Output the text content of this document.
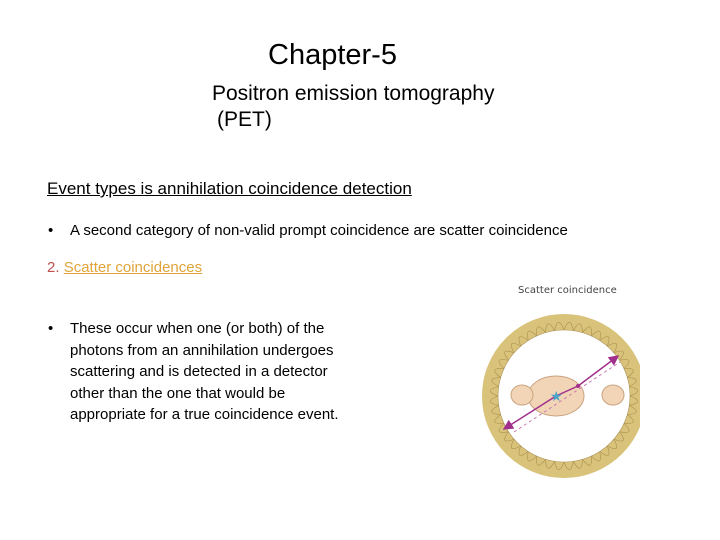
Chapter-5
Positron emission tomography
(PET)
Event types is annihilation coincidence detection
•	A second category of non-valid prompt coincidence are scatter coincidence
2. Scatter coincidences
•	These occur when one (or both) of the photons from an annihilation undergoes scattering and is detected in a detector other than the one that would be appropriate for a true coincidence event.
Scatter coincidence
★
